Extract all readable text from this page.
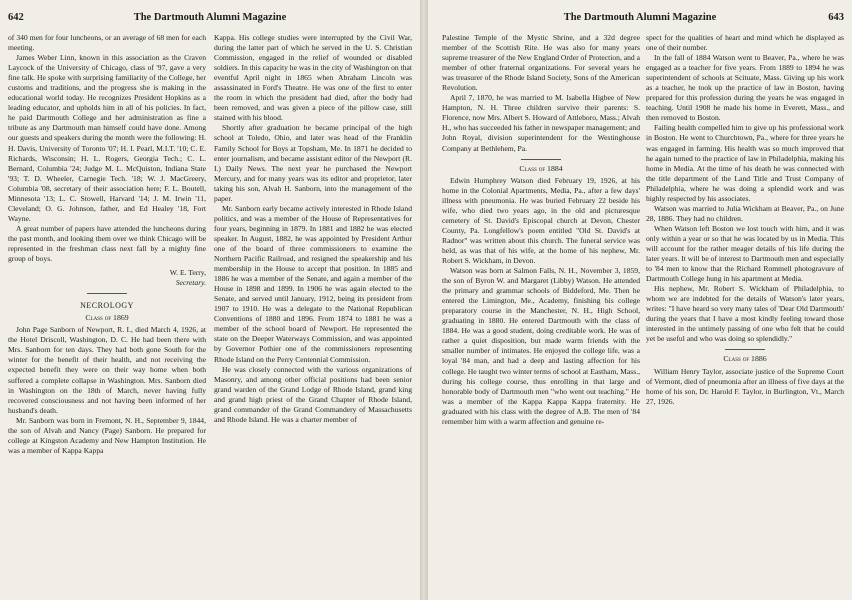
642	The Dartmouth Alumni Magazine

of 340 men for four luncheons, or an average of 68 men for each meeting.

James Weber Linn, known in this association as the Craven Laycock of the University of Chicago, class of '97, gave a very fine talk. He spoke with surprising familiarity of the College, her customs and traditions, and the progress she is making in the educational world today. He recognizes President Hopkins as a leading educator, and upholds him in all of his policies. In fact, he paid Dartmouth College and her administration as fine a tribute as any Dartmouth man himself could have done. Among our guests and speakers during the month were the following: H. H. Davis, University of Toronto '07; H. I. Pearl, M.I.T. '10; C. E. Richards, Wisconsin; H. L. Rogers, Georgia Tech.; C. L. Bernard, Columbia '24; Judge M. L. McQuiston, Indiana State '93; T. D. Wheeler, Carnegie Tech. '18; W. J. MacGreery, Columbia '08, secretary of their association here; F. L. Boutell, Minnesota '13; L. C. Stowell, Harvard '14; J. M. Irwin '11, Cleveland; O. G. Johnson, father, and Ed Healey '18, Fort Wayne.

A great number of papers have attended the luncheons during the past month, and looking them over we think Chicago will be represented in the freshman class next fall by a mighty fine group of boys.

W. E. Terry,
Secretary.
NECROLOGY
Class of 1869

John Page Sanborn of Newport, R. I., died March 4, 1926, at the Hotel Driscoll, Washington, D. C. He had been there with Mrs. Sanborn for ten days. They had both gone South for the winter for the benefit of their health, and not receiving the expected benefit they were on their way home when both suffered a complete collapse in Washington. Mrs. Sanborn died in Washington on the 18th of March, never having fully recovered consciousness and not having been informed of her husband's death.

Mr. Sanborn was born in Fremont, N. H., September 9, 1844, the son of Alvah and Nancy (Page) Sanborn. He prepared for college at Kingston Academy and New Hampton Institution. He was a member of Kappa Kappa

Kappa. His college studies were interrupted by the Civil War, during the latter part of which he served in the U. S. Christian Commission, engaged in the relief of wounded or disabled soldiers. In this capacity he was in the city of Washington on that eventful April night in 1865 when Abraham Lincoln was assassinated in Ford's Theatre. He was one of the first to enter the room in which the president had died, after the body had been removed, and was given a piece of the pillow case, still stained with his blood.

Shortly after graduation he became principal of the high school at Toledo, Ohio, and later was head of the Franklin Family School for Boys at Topsham, Me. In 1871 he decided to enter journalism, and became assistant editor of the Newport (R. I.) Daily News. The next year he purchased the Newport Mercury, and for many years was its editor and proprietor, later taking his son, Alvah H. Sanborn, into the management of the paper.

Mr. Sanborn early became actively interested in Rhode Island politics, and was a member of the House of Representatives for four years, beginning in 1879. In 1881 and 1882 he was elected speaker. In August, 1882, he was appointed by President Arthur one of the board of three commissioners to examine the Northern Pacific Railroad, and resigned the speakership and his membership in the House to accept that position. In 1885 and 1886 he was a member of the Senate, and again a member of the House in 1898 and 1899. In 1906 he was again elected to the Senate, and served until January, 1912, being its president from 1907 to 1910. He was a delegate to the National Republican Conventions of 1880 and 1896. From 1874 to 1881 he was a member of the school board of Newport. He represented the state on the Deeper Waterways Commission, and was appointed by Governor Pothier one of the commissioners representing Rhode Island on the Perry Centennial Commission.

He was closely connected with the various organizations of Masonry, and among other official positions had been senior grand warden of the Grand Lodge of Rhode Island, grand king and grand high priest of the Grand Chapter of Rhode Island, grand commander of the Grand Commandery of Massachusetts and Rhode Island. He was a charter member of

The Dartmouth Alumni Magazine	643

Palestine Temple of the Mystic Shrine, and a 32d degree member of the Scottish Rite. He was also for many years supreme treasurer of the New England Order of Protection, and a member of other fraternal organizations. For several years he was treasurer of the Rhode Island Society, Sons of the American Revolution.

April 7, 1870, he was married to M. Isabella Higbee of New Hampton, N. H. Three children survive their parents: S. Florence, now Mrs. Albert S. Howard of Attleboro, Mass.; Alvah H., who has succeeded his father in newspaper management; and John Royal, division superintendent for the Westinghouse Company at Bethlehem, Pa.

Class of 1884

Edwin Humphrey Watson died February 19, 1926, at his home in the Colonial Apartments, Media, Pa., after a few days' illness with pneumonia. He was buried February 22 beside his wife, who died two years ago, in the old and picturesque cemetery of St. David's Episcopal church at Devon, Chester County, Pa. Longfellow's poem entitled "Old St. David's at Radnor" was written about this church. The funeral service was held, as was that of his wife, at the home of his nephew, Mr. Robert S. Wickham, in Devon.

Watson was born at Salmon Falls, N. H., November 3, 1859, the son of Byron W. and Margaret (Libby) Watson. He attended the primary and grammar schools of Biddeford, Me. Then he entered the Limington, Me., Academy, finishing his college preparatory course in the Manchester, N. H., High School, graduating in 1880. He entered Dartmouth with the class of 1884. He was a good student, doing creditable work. He was of rather a quiet disposition, but made warm friends with the smaller number of intimates. He enjoyed the college life, was a loyal '84 man, and had a deep and lasting affection for his college. He taught two winter terms of school at Eastham, Mass., during his college course, thus enrolling in that large and honorable body of Dartmouth men "who went out teaching." He was a member of the Kappa Kappa Kappa fraternity. He graduated with his class with the degree of A.B. The men of '84 remember him with a warm affection and genuine re-

spect for the qualities of heart and mind which he displayed as one of their number.

In the fall of 1884 Watson went to Beaver, Pa., where he was engaged as a teacher for five years. From 1889 to 1894 he was superintendent of schools at Scituate, Mass. Giving up his work as a teacher, he took up the practice of law in Boston, having prepared for this profession during the years he was engaged in teaching. Until 1908 he made his home in Everett, Mass., and then removed to Boston.

Failing health compelled him to give up his professional work in Boston. He went to Churchtown, Pa., where for three years he was engaged in farming. His health was so much improved that he again turned to the practice of law in Philadelphia, making his home in Media. At the time of his death he was connected with the title department of the Land Title and Trust Company of Philadelphia, where he was doing a splendid work and was highly respected by his associates.

Watson was married to Julia Wickham at Beaver, Pa., on June 28, 1886. They had no children.

When Watson left Boston we lost touch with him, and it was only within a year or so that he was located by us in Media. This will account for the rather meager details of his life during the later years. It will be of interest to Dartmouth men and especially to '84 men to know that the Richard Rommell photogravure of Dartmouth College hung in his apartment at Media.

His nephew, Mr. Robert S. Wickham of Philadelphia, to whom we are indebted for the details of Watson's later years, writes: "I have heard so very many tales of 'Dear Old Dartmouth' during the years that I have a most kindly feeling toward those interested in the untimely passing of one who felt that he could yet be useful and who was doing so splendidly."

Class of 1886

William Henry Taylor, associate justice of the Supreme Court of Vermont, died of pneumonia after an illness of five days at the home of his son, Dr. Harold F. Taylor, in Burlington, Vt., March 27, 1926.
